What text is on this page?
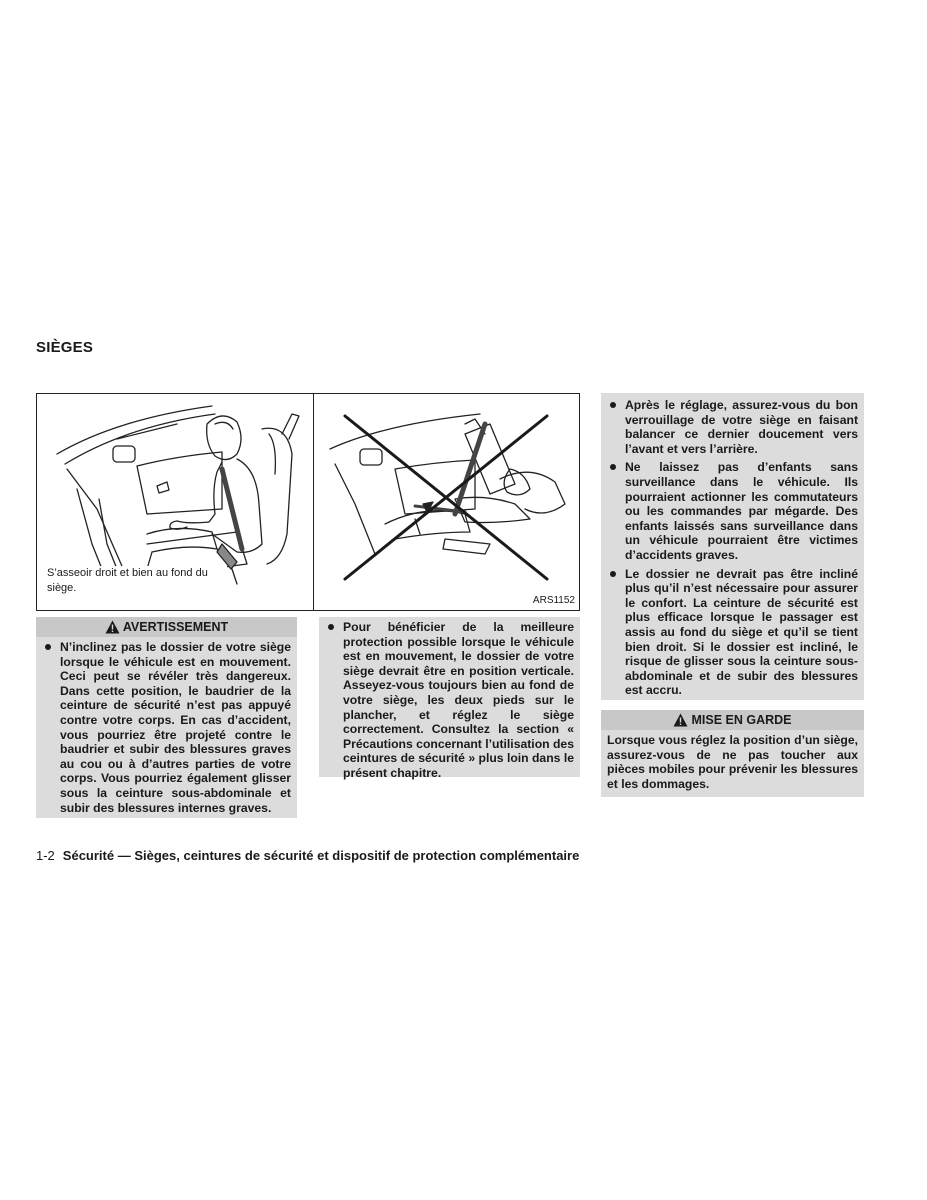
SIÈGES

S’asseoir droit et bien au fond du siège.

ARS1152
AVERTISSEMENT
N’inclinez pas le dossier de votre siège lorsque le véhicule est en mouvement. Ceci peut se révéler très dangereux. Dans cette position, le baudrier de la ceinture de sécurité n’est pas appuyé contre votre corps. En cas d’accident, vous pourriez être projeté contre le baudrier et subir des blessures graves au cou ou à d’autres parties de votre corps. Vous pourriez également glisser sous la ceinture sous-abdominale et subir des blessures internes graves.
Pour bénéficier de la meilleure protection possible lorsque le véhicule est en mouvement, le dossier de votre siège devrait être en position verticale. Asseyez-vous toujours bien au fond de votre siège, les deux pieds sur le plancher, et réglez le siège correctement. Consultez la section « Précautions concernant l’utilisation des ceintures de sécurité » plus loin dans le présent chapitre.
Après le réglage, assurez-vous du bon verrouillage de votre siège en faisant balancer ce dernier doucement vers l’avant et vers l’arrière.
Ne laissez pas d’enfants sans surveillance dans le véhicule. Ils pourraient actionner les commutateurs ou les commandes par mégarde. Des enfants laissés sans surveillance dans un véhicule pourraient être victimes d’accidents graves.
Le dossier ne devrait pas être incliné plus qu’il n’est nécessaire pour assurer le confort. La ceinture de sécurité est plus efficace lorsque le passager est assis au fond du siège et qu’il se tient bien droit. Si le dossier est incliné, le risque de glisser sous la ceinture sous-abdominale et de subir des blessures est accru.
MISE EN GARDE

Lorsque vous réglez la position d’un siège, assurez-vous de ne pas toucher aux pièces mobiles pour prévenir les blessures et les dommages.

1-2 Sécurité — Sièges, ceintures de sécurité et dispositif de protection complémentaire
